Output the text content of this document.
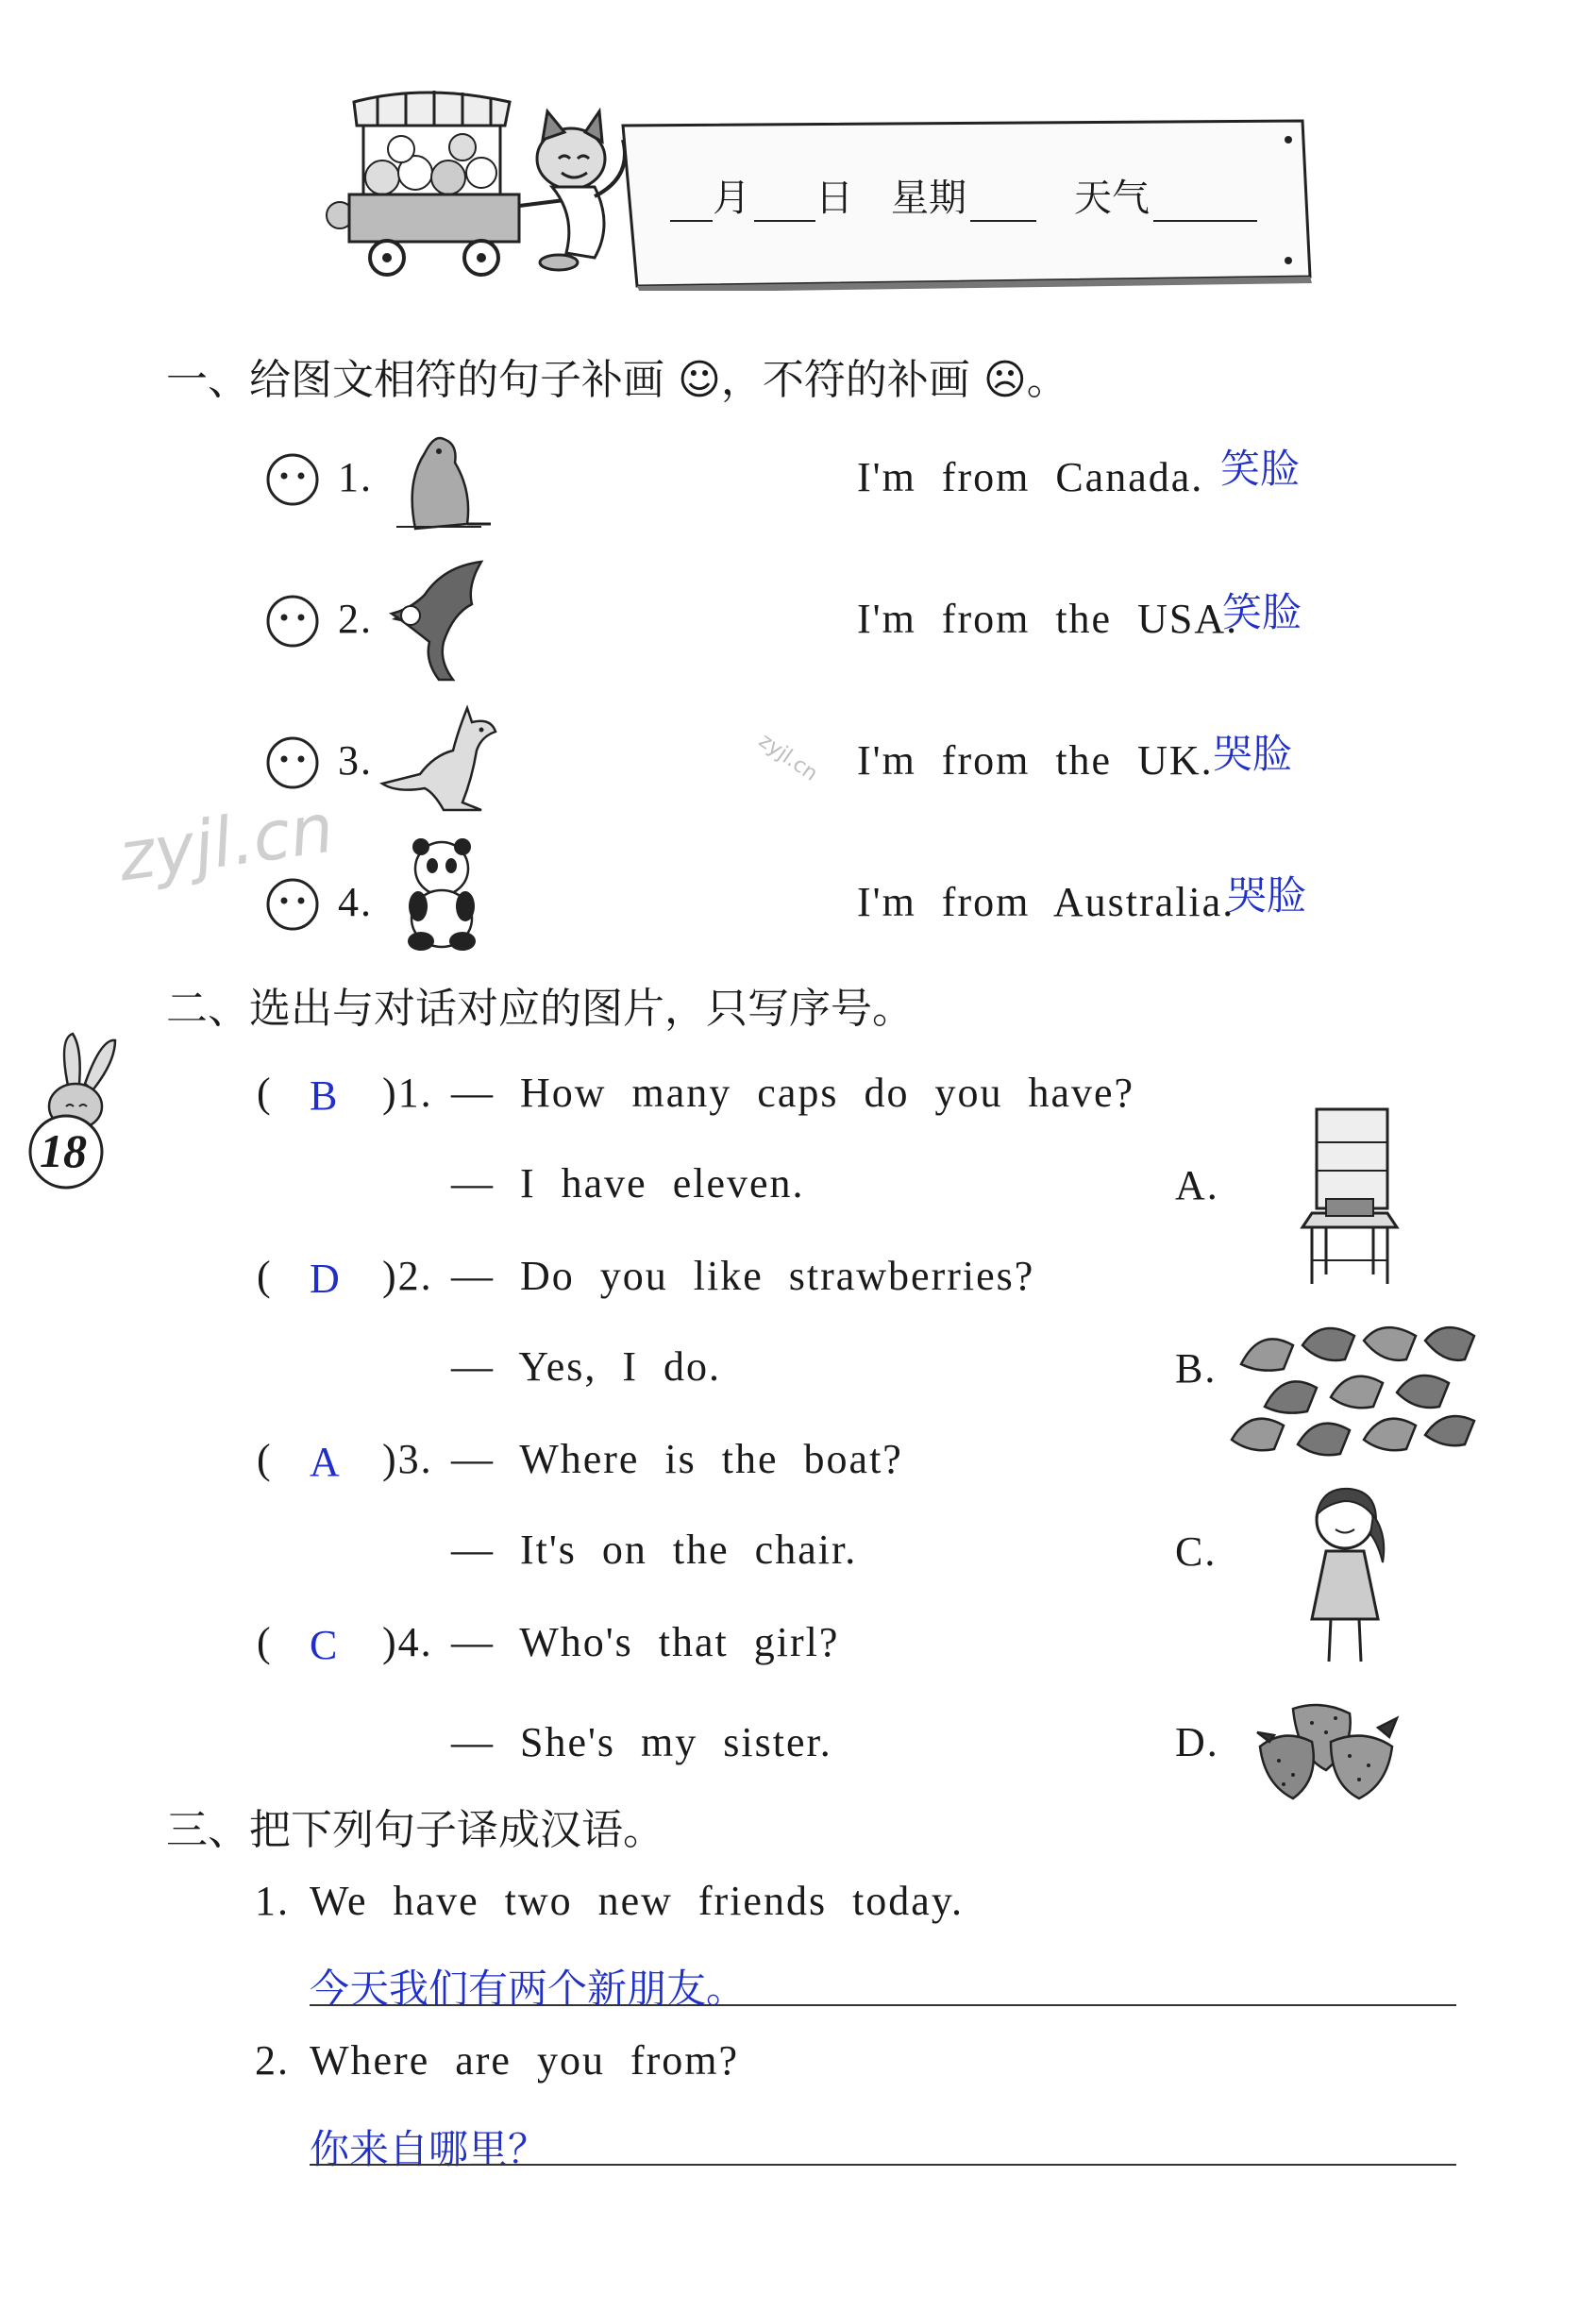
月 日 星期	天气
zyjl.cn
zyjl.cn
一、给图文相符的句子补画 ☺，不符的补画 ☹。
1.	I'm from Canada. 笑脸
2.	I'm from the USA.
笑脸
3.	I'm from the UK. 哭脸
4.	I'm from Australia.
哭脸
二、选出与对话对应的图片，只写序号。
18
( B )1. — How many caps do you have?
— I have eleven.
( D )2. — Do you like strawberries?
— Yes, I do.
( A )3. — Where is the boat?
— It's on the chair.
( C )4. — Who's that girl?
— She's my sister.
A.
B.
C.
D.
三、把下列句子译成汉语。
1. We have two new friends today.
今天我们有两个新朋友。
2. Where are you from?
你来自哪里？
